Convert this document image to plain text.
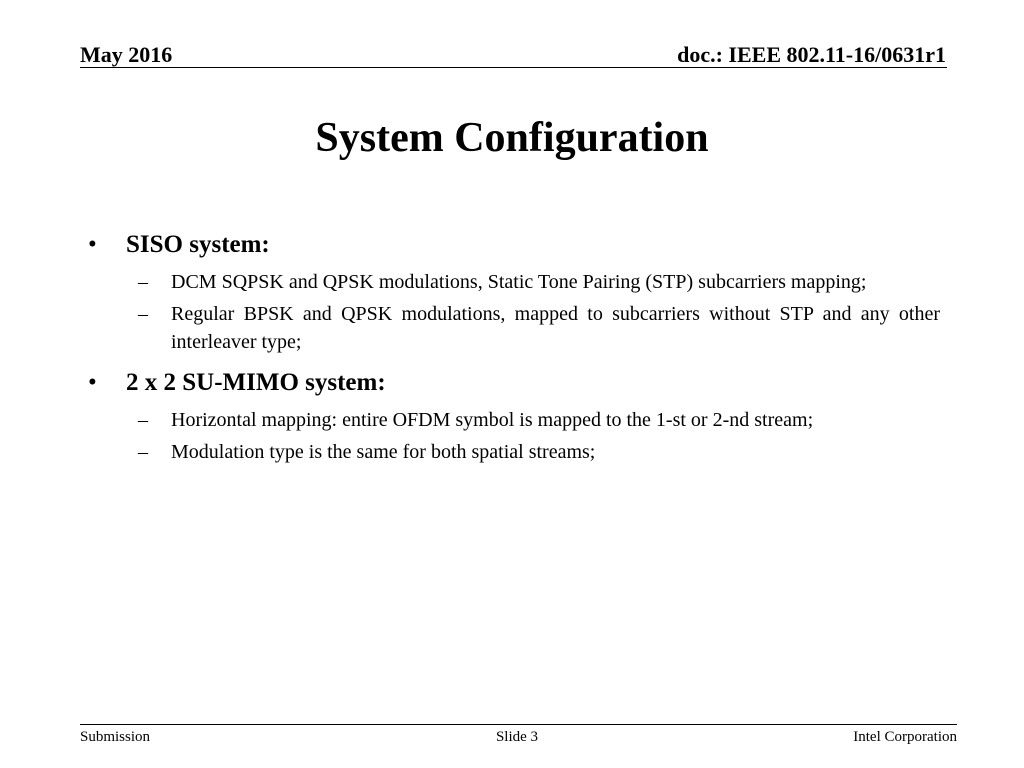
May 2016	doc.: IEEE 802.11-16/0631r1
System Configuration
• SISO system:
– DCM SQPSK and QPSK modulations, Static Tone Pairing (STP) subcarriers mapping;
– Regular BPSK and QPSK modulations, mapped to subcarriers without STP and any other interleaver type;
• 2 x 2 SU-MIMO system:
– Horizontal mapping: entire OFDM symbol is mapped to the 1-st or 2-nd stream;
– Modulation type is the same for both spatial streams;
Submission	Slide 3	Intel Corporation
